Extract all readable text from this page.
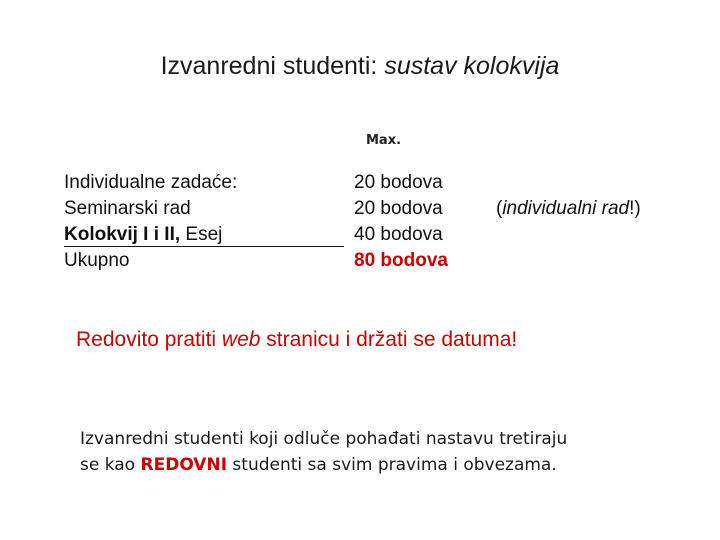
Izvanredni studenti: sustav kolokvija
Max.
Individualne zadaće:
Seminarski rad
Kolokvij I i II, Esej
Ukupno
20 bodova
20 bodova
40 bodova
80 bodova
(individualni rad!)
Redovito pratiti web stranicu i držati se datuma!
Izvanredni studenti koji odluče pohađati nastavu tretiraju
se kao REDOVNI studenti sa svim pravima i obvezama.
